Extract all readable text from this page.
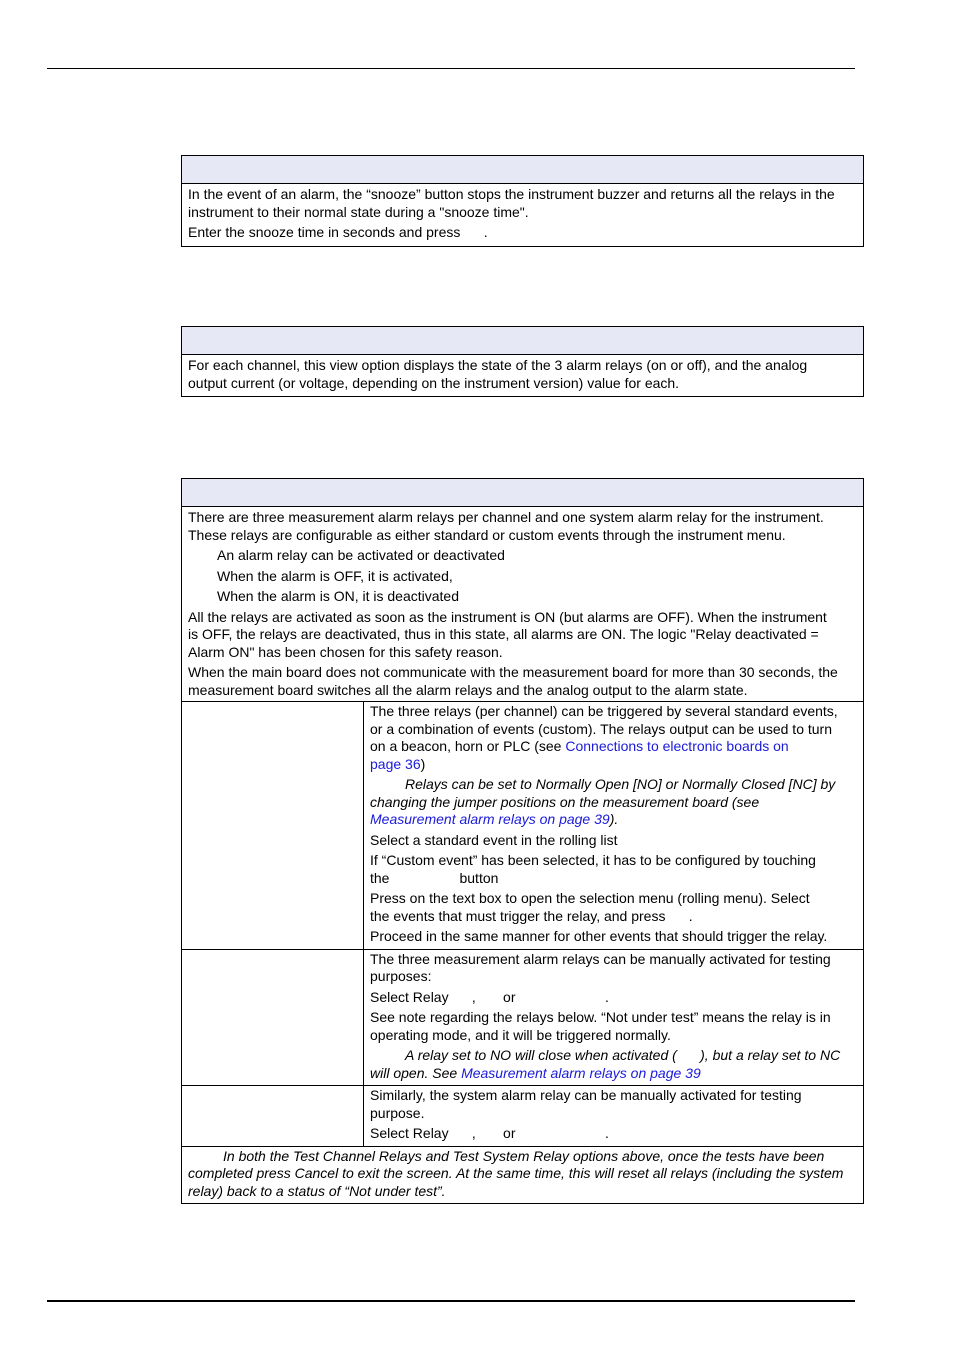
In the event of an alarm, the “snooze” button stops the instrument buzzer and returns all the relays in the

instrument to their normal state during a "snooze time".

Enter the snooze time in seconds and press      .

For each channel, this view option displays the state of the 3 alarm relays (on or off), and the analog

output current (or voltage, depending on the instrument version) value for each.

There are three measurement alarm relays per channel and one system alarm relay for the instrument.

These relays are configurable as either standard or custom events through the instrument menu.

An alarm relay can be activated or deactivated

When the alarm is OFF, it is activated,

When the alarm is ON, it is deactivated

All the relays are activated as soon as the instrument is ON (but alarms are OFF). When the instrument

is OFF, the relays are deactivated, thus in this state, all alarms are ON. The logic "Relay deactivated =

Alarm ON" has been chosen for this safety reason.

When the main board does not communicate with the measurement board for more than 30 seconds, the

measurement board switches all the alarm relays and the analog output to the alarm state.

The three relays (per channel) can be triggered by several standard events,

or a combination of events (custom). The relays output can be used to turn

on a beacon, horn or PLC (see Connections to electronic boards on

page 36)

Relays can be set to Normally Open [NO] or Normally Closed [NC] by

changing the jumper positions on the measurement board (see

Measurement alarm relays on page 39).

Select a standard event in the rolling list

If “Custom event” has been selected, it has to be configured by touching

the                  button

Press on the text box to open the selection menu (rolling menu). Select

the events that must trigger the relay, and press      .

Proceed in the same manner for other events that should trigger the relay.

The three measurement alarm relays can be manually activated for testing

purposes:

Select Relay      ,       or                       .

See note regarding the relays below. “Not under test” means the relay is in

operating mode, and it will be triggered normally.

A relay set to NO will close when activated (      ), but a relay set to NC

will open. See Measurement alarm relays on page 39

Similarly, the system alarm relay can be manually activated for testing

purpose.

Select Relay      ,       or                       .

In both the Test Channel Relays and Test System Relay options above, once the tests have been

completed press Cancel to exit the screen. At the same time, this will reset all relays (including the system

relay) back to a status of “Not under test”.
